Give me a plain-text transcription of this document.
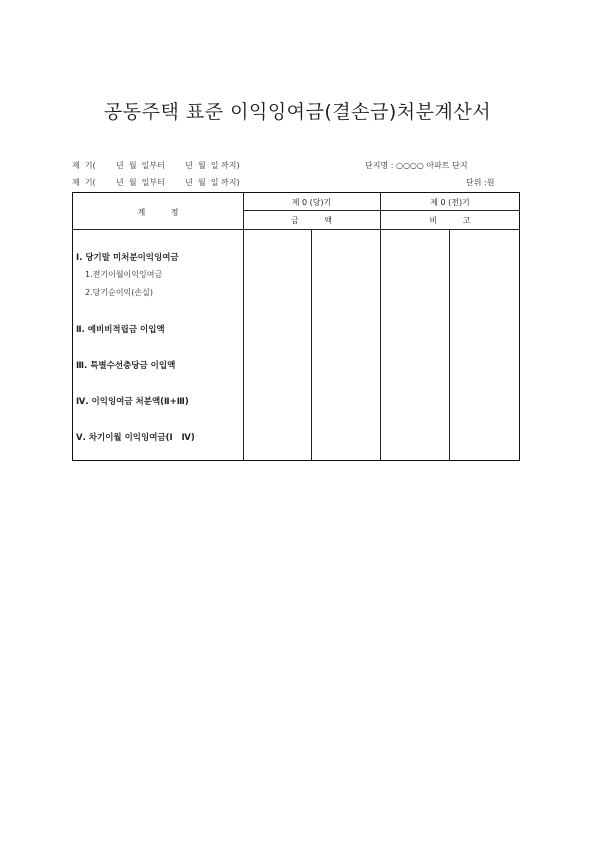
공동주택 표준 이익잉여금(결손금)처분계산서
제  기(        년  월  일부터        년  월  일 까지)	단지명 : ○○○○ 아파트 단지
제  기(        년  월  일부터        년  월  일 까지)	단위 :원
계          정
제 0 (당)기	제 0 (전)기
금          액	비          고
Ⅰ. 당기말 미처분이익잉여금
1.전기이월이익잉여금
2.당기순이익(손실)
Ⅱ. 예비비적립금 이입액
Ⅲ. 특별수선충당금 이입액
Ⅳ. 이익잉여금 처분액(Ⅱ+Ⅲ)
Ⅴ. 차기이월 이익잉여금(Ⅰ   Ⅳ)
